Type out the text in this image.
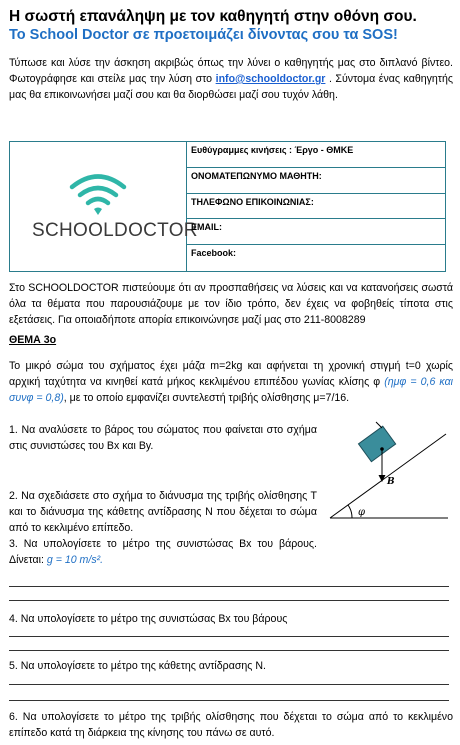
Η σωστή επανάληψη με τον καθηγητή στην οθόνη σου.
Το School Doctor σε προετοιμάζει δίνοντας σου τα SOS!
Τύπωσε και λύσε την άσκηση ακριβώς όπως την λύνει ο καθηγητής μας στο διπλανό βίντεο. Φωτογράφησε και στείλε μας την λύση στο info@schooldoctor.gr . Σύντομα ένας καθηγητής μας θα επικοινωνήσει μαζί σου και θα διορθώσει μαζί σου τυχόν λάθη.
SCHOOLDOCTOR
Ευθύγραμμες κινήσεις : Έργο - ΘΜΚΕ
ΟΝΟΜΑΤΕΠΩΝΥΜΟ ΜΑΘΗΤΗ:
ΤΗΛΕΦΩΝΟ ΕΠΙΚΟΙΝΩΝΙΑΣ:
EMAIL:
Facebook:
Στο SCHOOLDOCTOR πιστεύουμε ότι αν προσπαθήσεις να λύσεις και να κατανοήσεις σωστά όλα τα θέματα που παρουσιάζουμε με τον ίδιο τρόπο, δεν έχεις να φοβηθείς τίποτα στις εξετάσεις. Για οποιαδήποτε απορία επικοινώνησε μαζί μας στο 211-8008289
ΘΕΜΑ 3ο
Το μικρό σώμα του σχήματος έχει μάζα m=2kg και αφήνεται τη χρονική στιγμή t=0 χωρίς αρχική ταχύτητα να κινηθεί κατά μήκος κεκλιμένου επιπέδου γωνίας κλίσης φ (ημφ = 0,6 και συνφ = 0,8), με το οποίο εμφανίζει συντελεστή τριβής ολίσθησης μ=7/16.
1. Να αναλύσετε το βάρος του σώματος που φαίνεται στο σχήμα στις συνιστώσες του Bx και By.
2. Να σχεδιάσετε στο σχήμα το διάνυσμα της τριβής ολίσθησης T και το διάνυσμα της κάθετης αντίδρασης N που δέχεται το σώμα από το κεκλιμένο επίπεδο.
3. Να υπολογίσετε το μέτρο της συνιστώσας Bx του βάρους. Δίνεται: g = 10 m/s².
φ
B
4. Να υπολογίσετε το μέτρο της συνιστώσας Bx του βάρους
5. Να υπολογίσετε το μέτρο της κάθετης αντίδρασης N.
6. Να υπολογίσετε το μέτρο της τριβής ολίσθησης που δέχεται το σώμα από το κεκλιμένο επίπεδο κατά τη διάρκεια της κίνησης του πάνω σε αυτό.
